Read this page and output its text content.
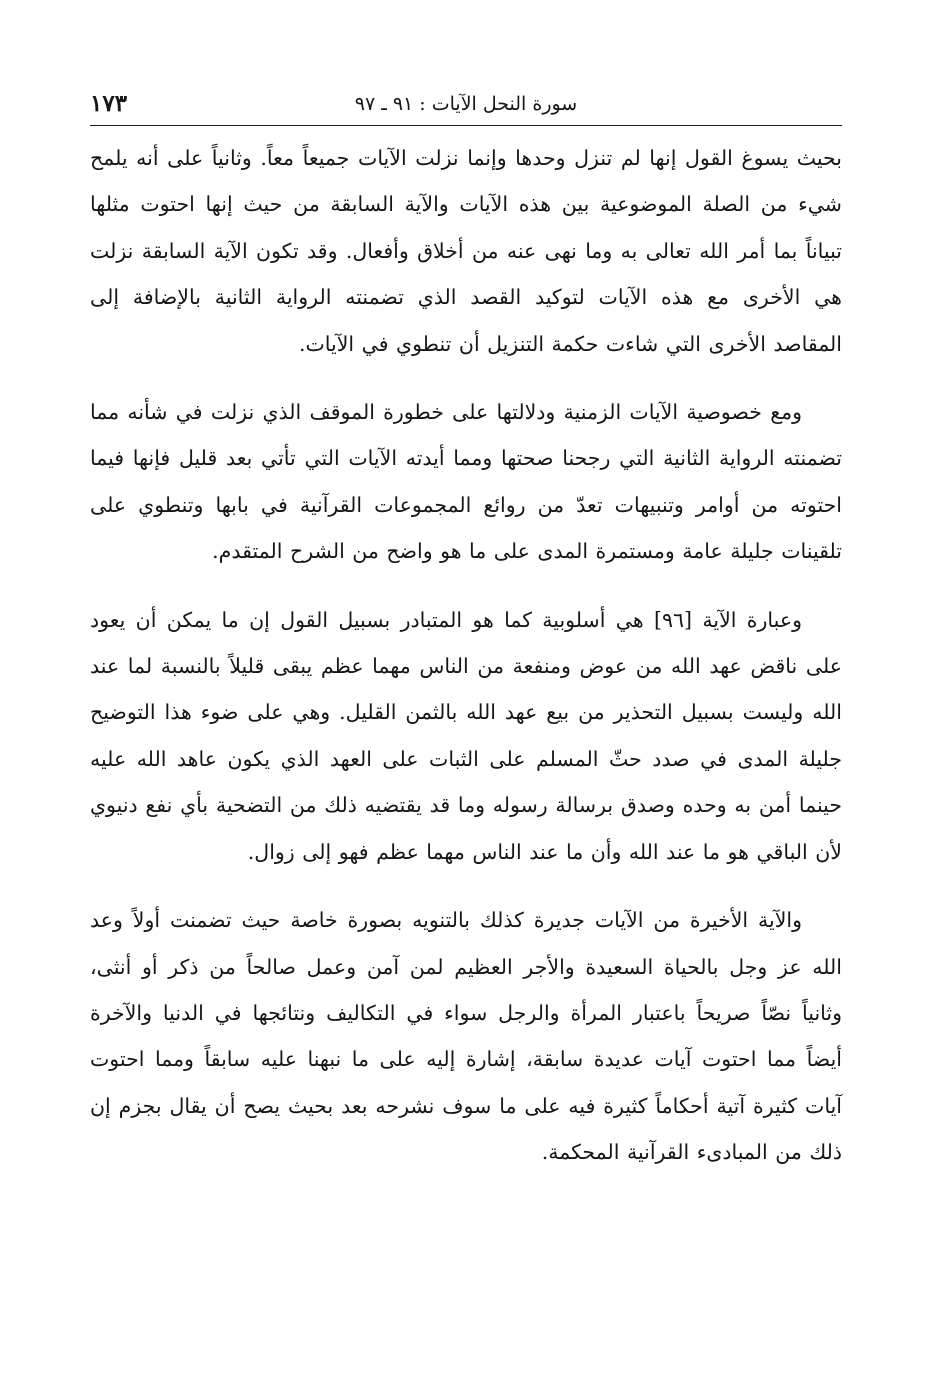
سورة النحل الآيات : ٩١ ـ ٩٧
١٧٣

بحيث يسوغ القول إنها لم تنزل وحدها وإنما نزلت الآيات جميعاً معاً. وثانياً على أنه يلمح شيء من الصلة الموضوعية بين هذه الآيات والآية السابقة من حيث إنها احتوت مثلها تبياناً بما أمر الله تعالى به وما نهى عنه من أخلاق وأفعال. وقد تكون الآية السابقة نزلت هي الأخرى مع هذه الآيات لتوكيد القصد الذي تضمنته الرواية الثانية بالإضافة إلى المقاصد الأخرى التي شاءت حكمة التنزيل أن تنطوي في الآيات.

ومع خصوصية الآيات الزمنية ودلالتها على خطورة الموقف الذي نزلت في شأنه مما تضمنته الرواية الثانية التي رجحنا صحتها ومما أيدته الآيات التي تأتي بعد قليل فإنها فيما احتوته من أوامر وتنبيهات تعدّ من روائع المجموعات القرآنية في بابها وتنطوي على تلقينات جليلة عامة ومستمرة المدى على ما هو واضح من الشرح المتقدم.

وعبارة الآية [٩٦] هي أسلوبية كما هو المتبادر بسبيل القول إن ما يمكن أن يعود على ناقض عهد الله من عوض ومنفعة من الناس مهما عظم يبقى قليلاً بالنسبة لما عند الله وليست بسبيل التحذير من بيع عهد الله بالثمن القليل. وهي على ضوء هذا التوضيح جليلة المدى في صدد حثّ المسلم على الثبات على العهد الذي يكون عاهد الله عليه حينما أمن به وحده وصدق برسالة رسوله وما قد يقتضيه ذلك من التضحية بأي نفع دنيوي لأن الباقي هو ما عند الله وأن ما عند الناس مهما عظم فهو إلى زوال.

والآية الأخيرة من الآيات جديرة كذلك بالتنويه بصورة خاصة حيث تضمنت أولاً وعد الله عز وجل بالحياة السعيدة والأجر العظيم لمن آمن وعمل صالحاً من ذكر أو أنثى، وثانياً نصّاً صريحاً باعتبار المرأة والرجل سواء في التكاليف ونتائجها في الدنيا والآخرة أيضاً مما احتوت آيات عديدة سابقة، إشارة إليه على ما نبهنا عليه سابقاً ومما احتوت آيات كثيرة آتية أحكاماً كثيرة فيه على ما سوف نشرحه بعد بحيث يصح أن يقال بجزم إن ذلك من المبادىء القرآنية المحكمة.
